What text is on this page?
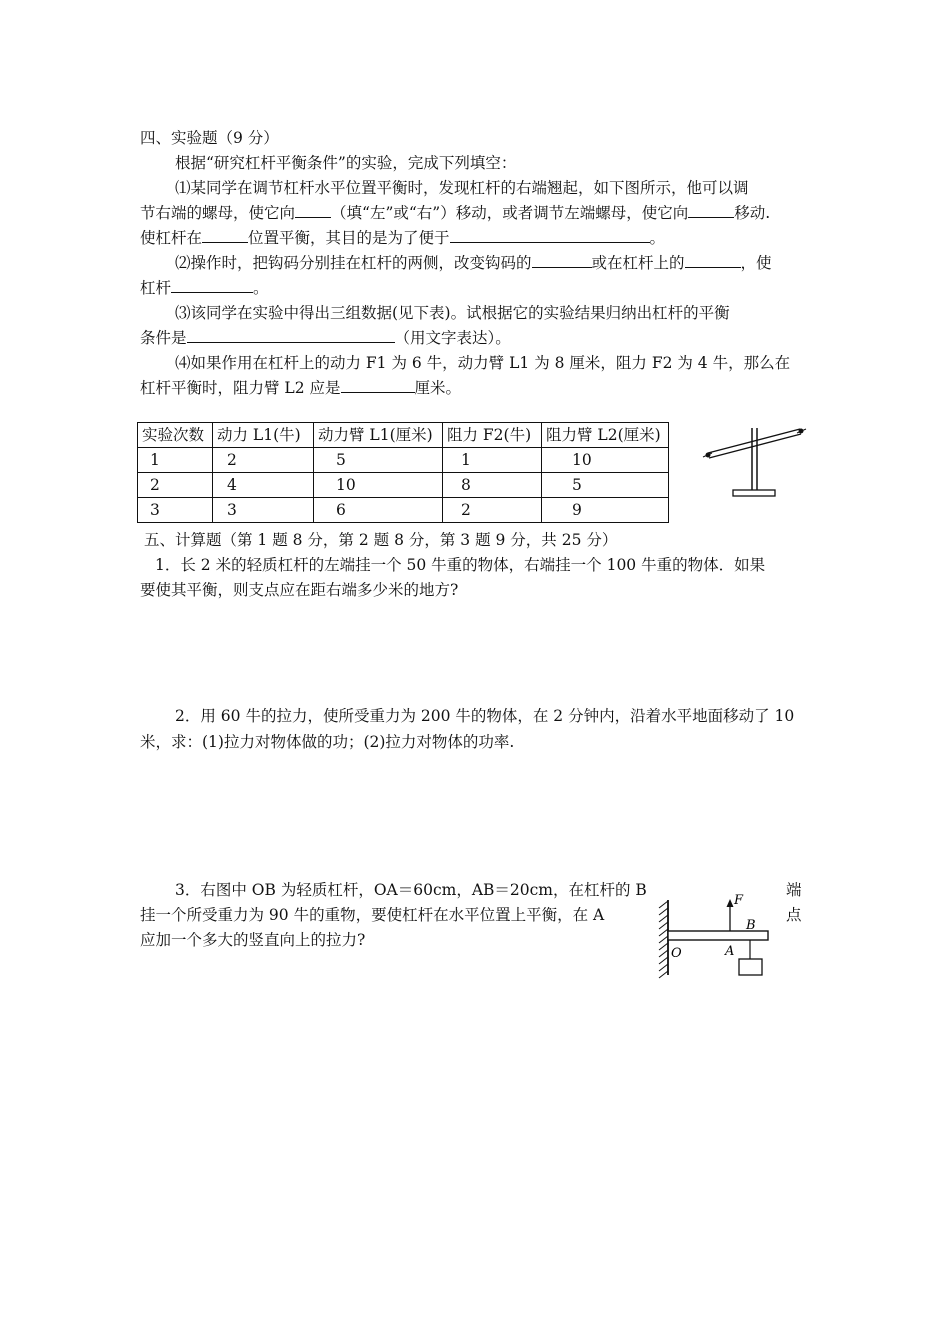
四、实验题（9 分）
根据“研究杠杆平衡条件”的实验，完成下列填空：
⑴某同学在调节杠杆水平位置平衡时，发现杠杆的右端翘起，如下图所示，他可以调
节右端的螺母，使它向 （填“左”或“右”）移动，或者调节左端螺母，使它向	移动.
使杠杆在	位置平衡，其目的是为了便于	。
⑵操作时，把钩码分别挂在杠杆的两侧，改变钩码的	或在杠杆上的	，使
杠杆	。
⑶该同学在实验中得出三组数据(见下表)。试根据它的实验结果归纳出杠杆的平衡
条件是	（用文字表达）。
⑷如果作用在杠杆上的动力 F1 为 6 牛，动力臂 L1 为 8 厘米，阻力 F2 为 4 牛，那么在
杠杆平衡时，阻力臂 L2 应是	厘米。
实验次数	动力 L1(牛)	动力臂 L1(厘米)	阻力 F2(牛)	阻力臂 L2(厘米)
1	2	5	1	10
2	4	10	8	5
3	3	6	2	9
五、计算题（第 1 题 8 分，第 2 题 8 分，第 3 题 9 分，共 25 分）
1．长 2 米的轻质杠杆的左端挂一个 50 牛重的物体，右端挂一个 100 牛重的物体．如果
要使其平衡，则支点应在距右端多少米的地方?
2．用 60 牛的拉力，使所受重力为 200 牛的物体，在 2 分钟内，沿着水平地面移动了 10
米，求：(1)拉力对物体做的功；(2)拉力对物体的功率.
3．右图中 OB 为轻质杠杆，OA＝60cm，AB＝20cm，在杠杆的 B	端
挂一个所受重力为 90 牛的重物，要使杠杆在水平位置上平衡，在 A	点
应加一个多大的竖直向上的拉力?
F
B
O	A
